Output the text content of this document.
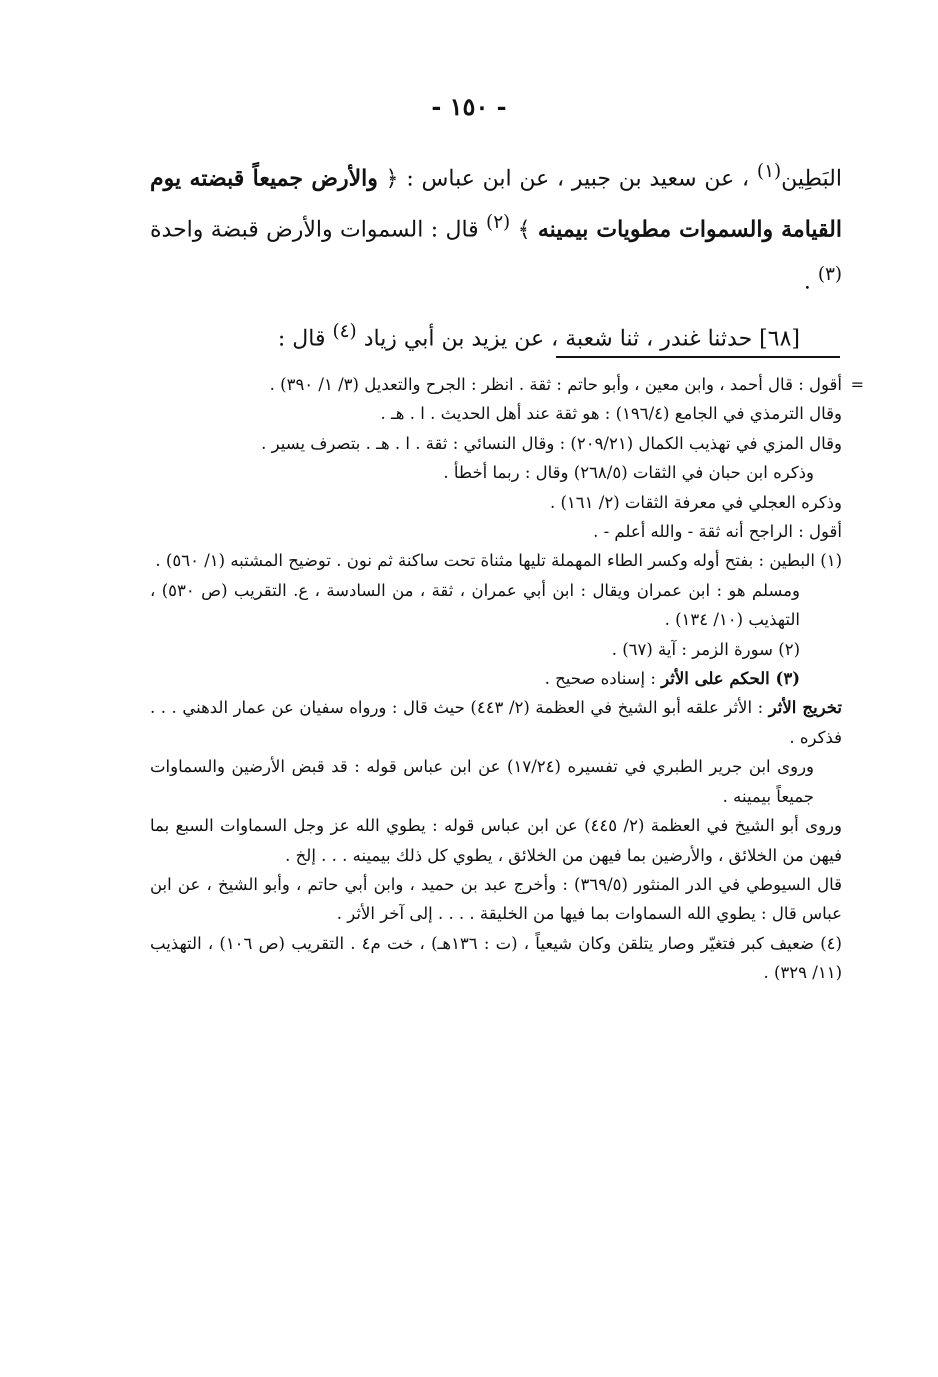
- ١٥٠ -

البَطِين$^{(١)}$ ، عن سعيد بن جبير ، عن ابن عباس : ﴿ والأرض جميعاً قبضته يوم القيامة والسموات مطويات بيمينه ﴾ $^{(٢)}$ قال : السموات والأرض قبضة واحدة $^{(٣)}$ .

[٦٨] حدثنا غندر ، ثنا شعبة ، عن يزيد بن أبي زياد $^{(٤)}$ قال :

=

أقول : قال أحمد ، وابن معين ، وأبو حاتم : ثقة . انظر : الجرح والتعديل (٣/ ١/ ٣٩٠) .

وقال الترمذي في الجامع (١٩٦/٤) : هو ثقة عند أهل الحديث . ا . هـ .

وقال المزي في تهذيب الكمال (٢٠٩/٢١) : وقال النسائي : ثقة . ا . هـ . بتصرف يسير .

وذكره ابن حبان في الثقات (٢٦٨/٥) وقال : ربما أخطأ .

وذكره العجلي في معرفة الثقات (٢/ ١٦١) .

أقول : الراجح أنه ثقة - والله أعلم - .

(١) البطين : بفتح أوله وكسر الطاء المهملة تليها مثناة تحت ساكنة ثم نون . توضيح المشتبه (١/ ٥٦٠) .

ومسلم هو : ابن عمران ويقال : ابن أبي عمران ، ثقة ، من السادسة ، ع. التقريب (ص ٥٣٠) ، التهذيب (١٠/ ١٣٤) .

(٢) سورة الزمر : آية (٦٧) .

(٣) الحكم على الأثر : إسناده صحيح .

تخريج الأثر : الأثر علقه أبو الشيخ في العظمة (٢/ ٤٤٣) حيث قال : ورواه سفيان عن عمار الدهني . . . فذكره .

وروى ابن جرير الطبري في تفسيره (١٧/٢٤) عن ابن عباس قوله : قد قبض الأرضين والسماوات جميعاً بيمينه .

وروى أبو الشيخ في العظمة (٢/ ٤٤٥) عن ابن عباس قوله : يطوي الله عز وجل السماوات السبع بما فيهن من الخلائق ، والأرضين بما فيهن من الخلائق ، يطوي كل ذلك بيمينه . . . إلخ .

قال السيوطي في الدر المنثور (٣٦٩/٥) : وأخرج عبد بن حميد ، وابن أبي حاتم ، وأبو الشيخ ، عن ابن عباس قال : يطوي الله السماوات بما فيها من الخليقة . . . . إلى آخر الأثر .

(٤) ضعيف كبر فتغيّر وصار يتلقن وكان شيعياً ، (ت : ١٣٦هـ) ، خت م٤ . التقريب (ص ١٠٦) ، التهذيب (١١/ ٣٢٩) .
